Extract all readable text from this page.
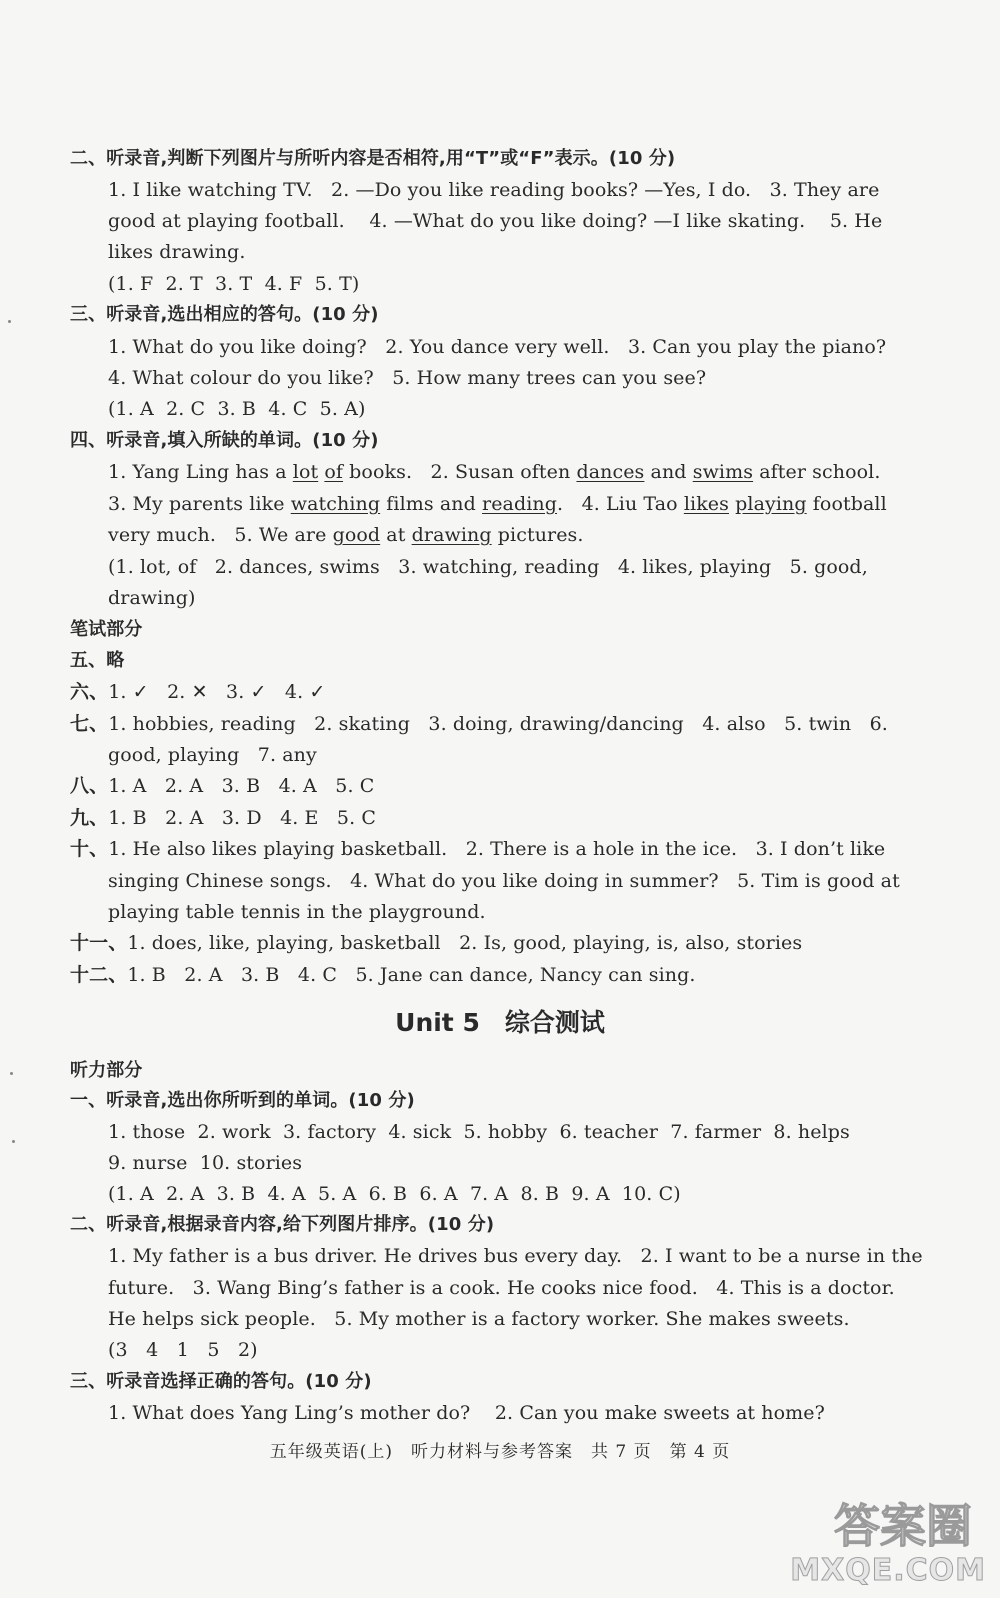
二、听录音,判断下列图片与所听内容是否相符,用“T”或“F”表示。(10 分)
1. I like watching TV.   2. —Do you like reading books? —Yes, I do.   3. They are
good at playing football.    4. —What do you like doing? —I like skating.    5. He
likes drawing.
(1. F  2. T  3. T  4. F  5. T)
三、听录音,选出相应的答句。(10 分)
1. What do you like doing?   2. You dance very well.   3. Can you play the piano?
4. What colour do you like?   5. How many trees can you see?
(1. A  2. C  3. B  4. C  5. A)
四、听录音,填入所缺的单词。(10 分)
1. Yang Ling has a lot of books.   2. Susan often dances and swims after school.
3. My parents like watching films and reading.   4. Liu Tao likes playing football
very much.   5. We are good at drawing pictures.
(1. lot, of   2. dances, swims   3. watching, reading   4. likes, playing   5. good,
drawing)
笔试部分
五、略
六、1. ✓   2. ✕   3. ✓   4. ✓
七、1. hobbies, reading   2. skating   3. doing, drawing/dancing   4. also   5. twin   6.
good, playing   7. any
八、1. A   2. A   3. B   4. A   5. C
九、1. B   2. A   3. D   4. E   5. C
十、1. He also likes playing basketball.   2. There is a hole in the ice.   3. I don’t like
singing Chinese songs.   4. What do you like doing in summer?   5. Tim is good at
playing table tennis in the playground.
十一、1. does, like, playing, basketball   2. Is, good, playing, is, also, stories
十二、1. B   2. A   3. B   4. C   5. Jane can dance, Nancy can sing.
听力部分
一、听录音,选出你所听到的单词。(10 分)
1. those  2. work  3. factory  4. sick  5. hobby  6. teacher  7. farmer  8. helps
9. nurse  10. stories
(1. A  2. A  3. B  4. A  5. A  6. B  6. A  7. A  8. B  9. A  10. C)
二、听录音,根据录音内容,给下列图片排序。(10 分)
1. My father is a bus driver. He drives bus every day.   2. I want to be a nurse in the
future.   3. Wang Bing’s father is a cook. He cooks nice food.   4. This is a doctor.
He helps sick people.   5. My mother is a factory worker. She makes sweets.
(3   4   1   5   2)
三、听录音选择正确的答句。(10 分)
1. What does Yang Ling’s mother do?    2. Can you make sweets at home?
Unit 5　综合测试
五年级英语(上)　听力材料与参考答案　共 7 页　第 4 页
答案圈
MXQE.COM
